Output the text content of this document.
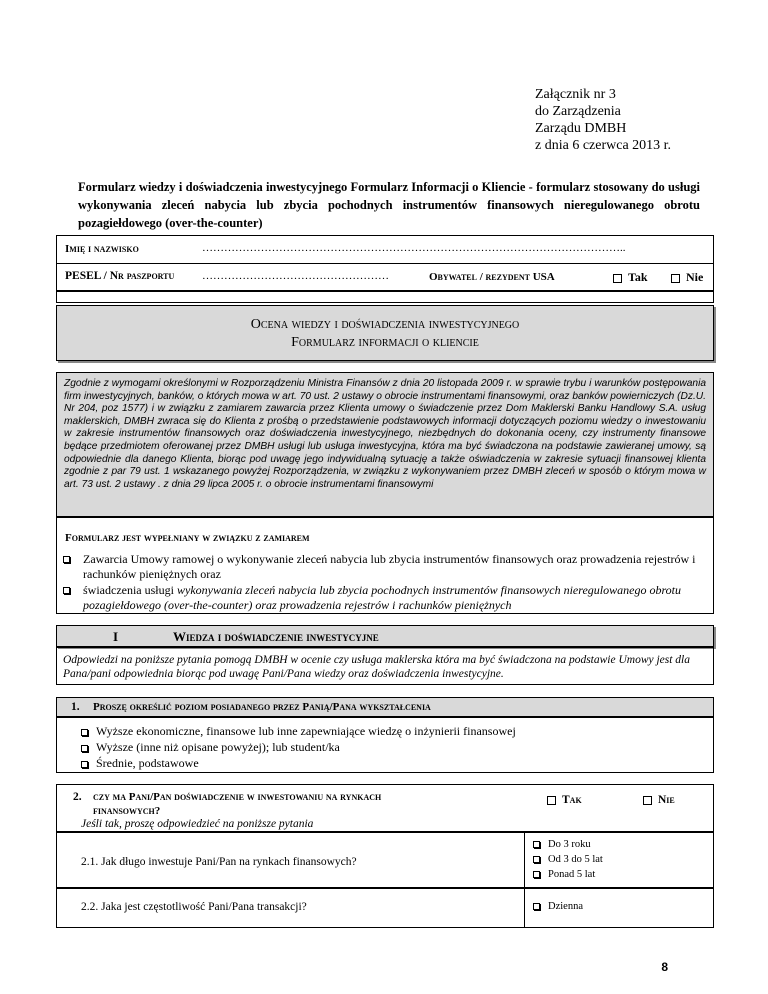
Załącznik nr 3
do Zarządzenia
Zarządu DMBH
z dnia 6 czerwca 2013 r.
Formularz wiedzy i doświadczenia inwestycyjnego Formularz Informacji o Kliencie - formularz stosowany do usługi wykonywania zleceń nabycia lub zbycia pochodnych instrumentów finansowych nieregulowanego obrotu pozagiełdowego (over-the-counter)
Imię i nazwisko	……………………………………………………………………………………………………..
PESEL / Nr paszportu	……………………………………………	Obywatel / rezydent USA	Tak	Nie
Ocena wiedzy i doświadczenia inwestycyjnego
Formularz informacji o kliencie
Zgodnie z wymogami określonymi w Rozporządzeniu Ministra Finansów z dnia 20 listopada 2009 r. w sprawie trybu i warunków postępowania firm inwestycyjnych, banków, o których mowa w art. 70 ust. 2 ustawy o obrocie instrumentami finansowymi, oraz banków powierniczych (Dz.U. Nr 204, poz 1577) i w związku z zamiarem zawarcia przez Klienta umowy o świadczenie przez Dom Maklerski Banku Handlowy S.A. usług maklerskich, DMBH zwraca się do Klienta z prośbą o przedstawienie podstawowych informacji dotyczących poziomu wiedzy o inwestowaniu w zakresie instrumentów finansowych oraz doświadczenia inwestycyjnego, niezbędnych do dokonania oceny, czy instrumenty finansowe będące przedmiotem oferowanej przez DMBH usługi lub usługa inwestycyjna, która ma być świadczona na podstawie zawieranej umowy, są odpowiednie dla danego Klienta, biorąc pod uwagę jego indywidualną sytuację a także oświadczenia w zakresie sytuacji finansowej klienta zgodnie z par 79 ust. 1 wskazanego powyżej Rozporządzenia, w związku z wykonywaniem przez DMBH zleceń w sposób o którym mowa w art. 73 ust. 2 ustawy . z dnia 29 lipca 2005 r. o obrocie instrumentami finansowymi
Formularz jest wypełniany w związku z zamiarem
Zawarcia Umowy ramowej o wykonywanie zleceń nabycia lub zbycia instrumentów finansowych oraz prowadzenia rejestrów i rachunków pieniężnych oraz
świadczenia usługi wykonywania zleceń nabycia lub zbycia pochodnych instrumentów finansowych nieregulowanego obrotu pozagiełdowego (over-the-counter) oraz prowadzenia rejestrów i rachunków pieniężnych
I	Wiedza i doświadczenie inwestycyjne
Odpowiedzi na poniższe pytania pomogą DMBH w ocenie czy usługa maklerska która ma być świadczona na podstawie Umowy jest dla Pana/pani odpowiednia biorąc pod uwagę Pani/Pana wiedzy oraz doświadczenia inwestycyjne.
1. Proszę określić poziom posiadanego przez Panią/Pana wykształcenia
Wyższe ekonomiczne, finansowe lub inne zapewniające wiedzę o inżynierii finansowej
Wyższe (inne niż opisane powyżej); lub student/ka
Średnie, podstawowe
2. czy ma Pani/Pan doświadczenie w inwestowaniu na rynkach
finansowych?
Jeśli tak, proszę odpowiedzieć na poniższe pytania
Tak	Nie
2.1. Jak długo inwestuje Pani/Pan na rynkach finansowych?
Do 3 roku
Od 3 do 5 lat
Ponad 5 lat
2.2. Jaka jest częstotliwość Pani/Pana transakcji?	Dzienna
8
